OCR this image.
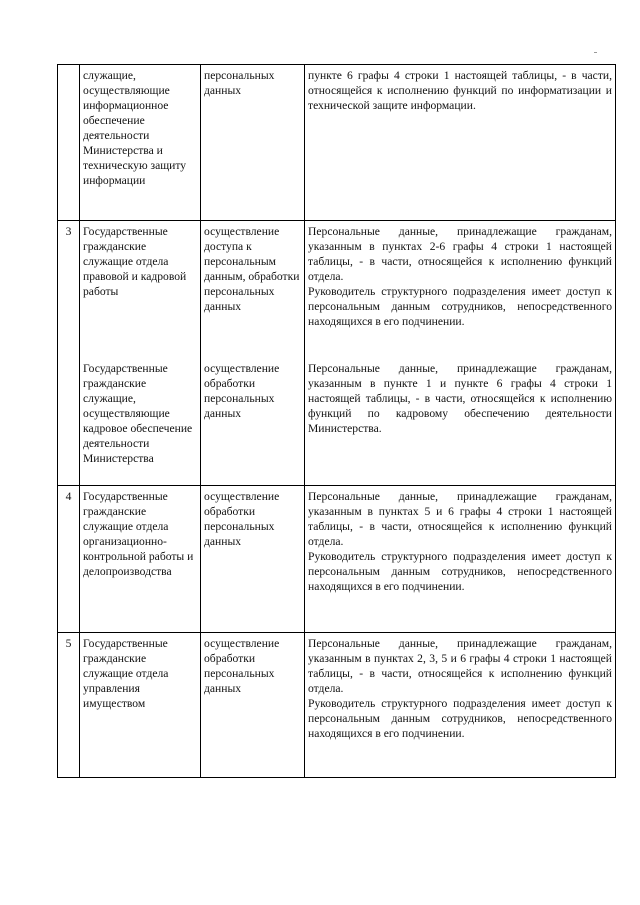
	служащие, осуществляющие информационное обеспечение деятельности Министерства и техническую защиту информации	персональных данных	пункте 6 графы 4 строки 1 настоящей таблицы, - в части, относящейся к исполнению функций по информатизации и технической защите информации.

3	Государственные гражданские служащие отдела правовой и кадровой работы	осуществление доступа к персональным данным, обработки персональных данных	Персональные данные, принадлежащие гражданам, указанным в пунктах 2-6 графы 4 строки 1 настоящей таблицы, - в части, относящейся к исполнению функций отдела.
Руководитель структурного подразделения имеет доступ к персональным данным сотрудников, непосредственного находящихся в его подчинении.

	Государственные гражданские служащие, осуществляющие кадровое обеспечение деятельности Министерства	осуществление обработки персональных данных	Персональные данные, принадлежащие гражданам, указанным в пункте 1 и пункте 6 графы 4 строки 1 настоящей таблицы, - в части, относящейся к исполнению функций по кадровому обеспечению деятельности Министерства.

4	Государственные гражданские служащие отдела организационно-контрольной работы и делопроизводства	осуществление обработки персональных данных	Персональные данные, принадлежащие гражданам, указанным в пунктах 5 и 6 графы 4 строки 1 настоящей таблицы, - в части, относящейся к исполнению функций отдела.
Руководитель структурного подразделения имеет доступ к персональным данным сотрудников, непосредственного находящихся в его подчинении.

5	Государственные гражданские служащие отдела управления имуществом	осуществление обработки персональных данных	Персональные данные, принадлежащие гражданам, указанным в пунктах 2, 3, 5 и 6 графы 4 строки 1 настоящей таблицы, - в части, относящейся к исполнению функций отдела.
Руководитель структурного подразделения имеет доступ к персональным данным сотрудников, непосредственного находящихся в его подчинении.
